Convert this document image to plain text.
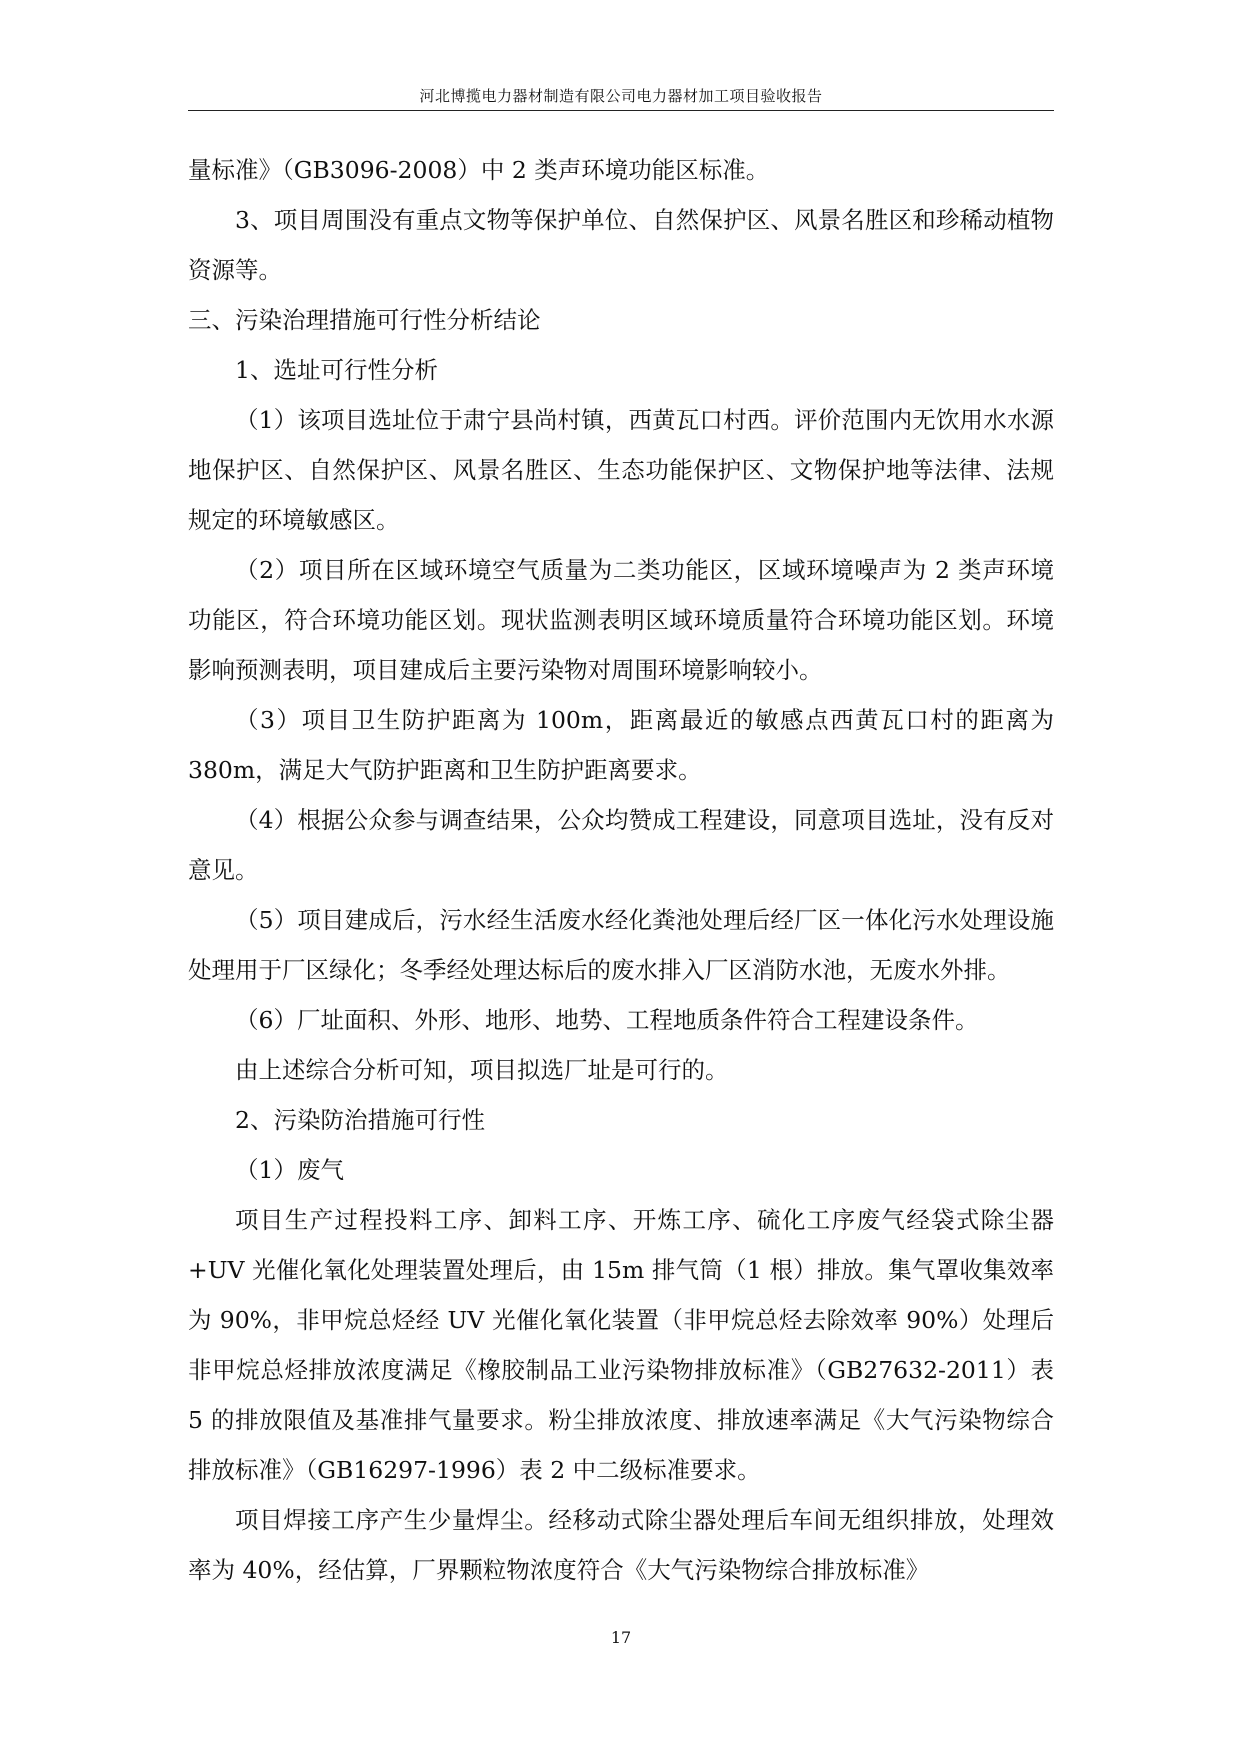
河北博揽电力器材制造有限公司电力器材加工项目验收报告

量标准》（GB3096-2008）中 2 类声环境功能区标准。

3、项目周围没有重点文物等保护单位、自然保护区、风景名胜区和珍稀动植物资源等。

三、污染治理措施可行性分析结论

1、选址可行性分析

（1）该项目选址位于肃宁县尚村镇，西黄瓦口村西。评价范围内无饮用水水源地保护区、自然保护区、风景名胜区、生态功能保护区、文物保护地等法律、法规规定的环境敏感区。

（2）项目所在区域环境空气质量为二类功能区，区域环境噪声为 2 类声环境功能区，符合环境功能区划。现状监测表明区域环境质量符合环境功能区划。环境影响预测表明，项目建成后主要污染物对周围环境影响较小。

（3）项目卫生防护距离为 100m，距离最近的敏感点西黄瓦口村的距离为 380m，满足大气防护距离和卫生防护距离要求。

（4）根据公众参与调查结果，公众均赞成工程建设，同意项目选址，没有反对意见。

（5）项目建成后，污水经生活废水经化粪池处理后经厂区一体化污水处理设施处理用于厂区绿化；冬季经处理达标后的废水排入厂区消防水池，无废水外排。

（6）厂址面积、外形、地形、地势、工程地质条件符合工程建设条件。

由上述综合分析可知，项目拟选厂址是可行的。

2、污染防治措施可行性

（1）废气

项目生产过程投料工序、卸料工序、开炼工序、硫化工序废气经袋式除尘器+UV 光催化氧化处理装置处理后，由 15m 排气筒（1 根）排放。集气罩收集效率为 90%，非甲烷总烃经 UV 光催化氧化装置（非甲烷总烃去除效率 90%）处理后非甲烷总烃排放浓度满足《橡胶制品工业污染物排放标准》（GB27632-2011）表 5 的排放限值及基准排气量要求。粉尘排放浓度、排放速率满足《大气污染物综合排放标准》（GB16297-1996）表 2 中二级标准要求。

项目焊接工序产生少量焊尘。经移动式除尘器处理后车间无组织排放，处理效率为 40%，经估算，厂界颗粒物浓度符合《大气污染物综合排放标准》

17
